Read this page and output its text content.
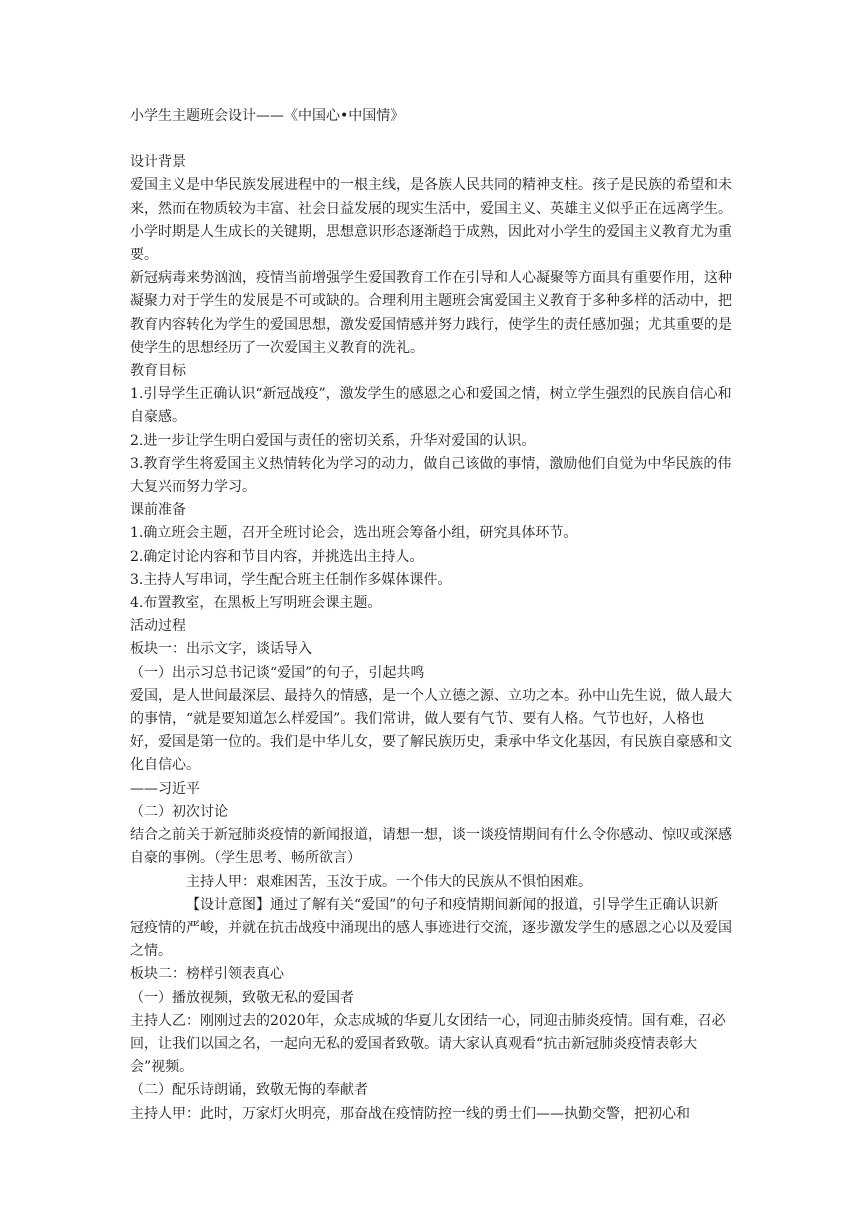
小学生主题班会设计——《中国心•中国情》

设计背景

爱国主义是中华民族发展进程中的一根主线，是各族人民共同的精神支柱。孩子是民族的希望和未来，然而在物质较为丰富、社会日益发展的现实生活中，爱国主义、英雄主义似乎正在远离学生。小学时期是人生成长的关键期，思想意识形态逐渐趋于成熟，因此对小学生的爱国主义教育尤为重要。

新冠病毒来势汹汹，疫情当前增强学生爱国教育工作在引导和人心凝聚等方面具有重要作用，这种凝聚力对于学生的发展是不可或缺的。合理利用主题班会寓爱国主义教育于多种多样的活动中，把教育内容转化为学生的爱国思想，激发爱国情感并努力践行，使学生的责任感加强；尤其重要的是使学生的思想经历了一次爱国主义教育的洗礼。

教育目标

1.引导学生正确认识“新冠战疫”，激发学生的感恩之心和爱国之情，树立学生强烈的民族自信心和自豪感。

2.进一步让学生明白爱国与责任的密切关系，升华对爱国的认识。

3.教育学生将爱国主义热情转化为学习的动力，做自己该做的事情，激励他们自觉为中华民族的伟大复兴而努力学习。

课前准备

1.确立班会主题，召开全班讨论会，选出班会筹备小组，研究具体环节。

2.确定讨论内容和节目内容，并挑选出主持人。

3.主持人写串词，学生配合班主任制作多媒体课件。

4.布置教室，在黑板上写明班会课主题。

活动过程

板块一：出示文字，谈话导入

（一）出示习总书记谈“爱国”的句子，引起共鸣

爱国，是人世间最深层、最持久的情感，是一个人立德之源、立功之本。孙中山先生说，做人最大的事情，“就是要知道怎么样爱国”。我们常讲，做人要有气节、要有人格。气节也好，人格也好，爱国是第一位的。我们是中华儿女，要了解民族历史，秉承中华文化基因，有民族自豪感和文化自信心。

——习近平

（二）初次讨论

结合之前关于新冠肺炎疫情的新闻报道，请想一想，谈一谈疫情期间有什么令你感动、惊叹或深感自豪的事例。（学生思考、畅所欲言）

主持人甲：艰难困苦，玉汝于成。一个伟大的民族从不惧怕困难。

【设计意图】通过了解有关“爱国”的句子和疫情期间新闻的报道，引导学生正确认识新冠疫情的严峻，并就在抗击战疫中涌现出的感人事迹进行交流，逐步激发学生的感恩之心以及爱国之情。

板块二：榜样引领表真心

（一）播放视频，致敬无私的爱国者

主持人乙：刚刚过去的2020年，众志成城的华夏儿女团结一心，同迎击肺炎疫情。国有难，召必回，让我们以国之名，一起向无私的爱国者致敬。请大家认真观看“抗击新冠肺炎疫情表彰大会”视频。

（二）配乐诗朗诵，致敬无悔的奉献者

主持人甲：此时，万家灯火明亮，那奋战在疫情防控一线的勇士们——执勤交警，把初心和
